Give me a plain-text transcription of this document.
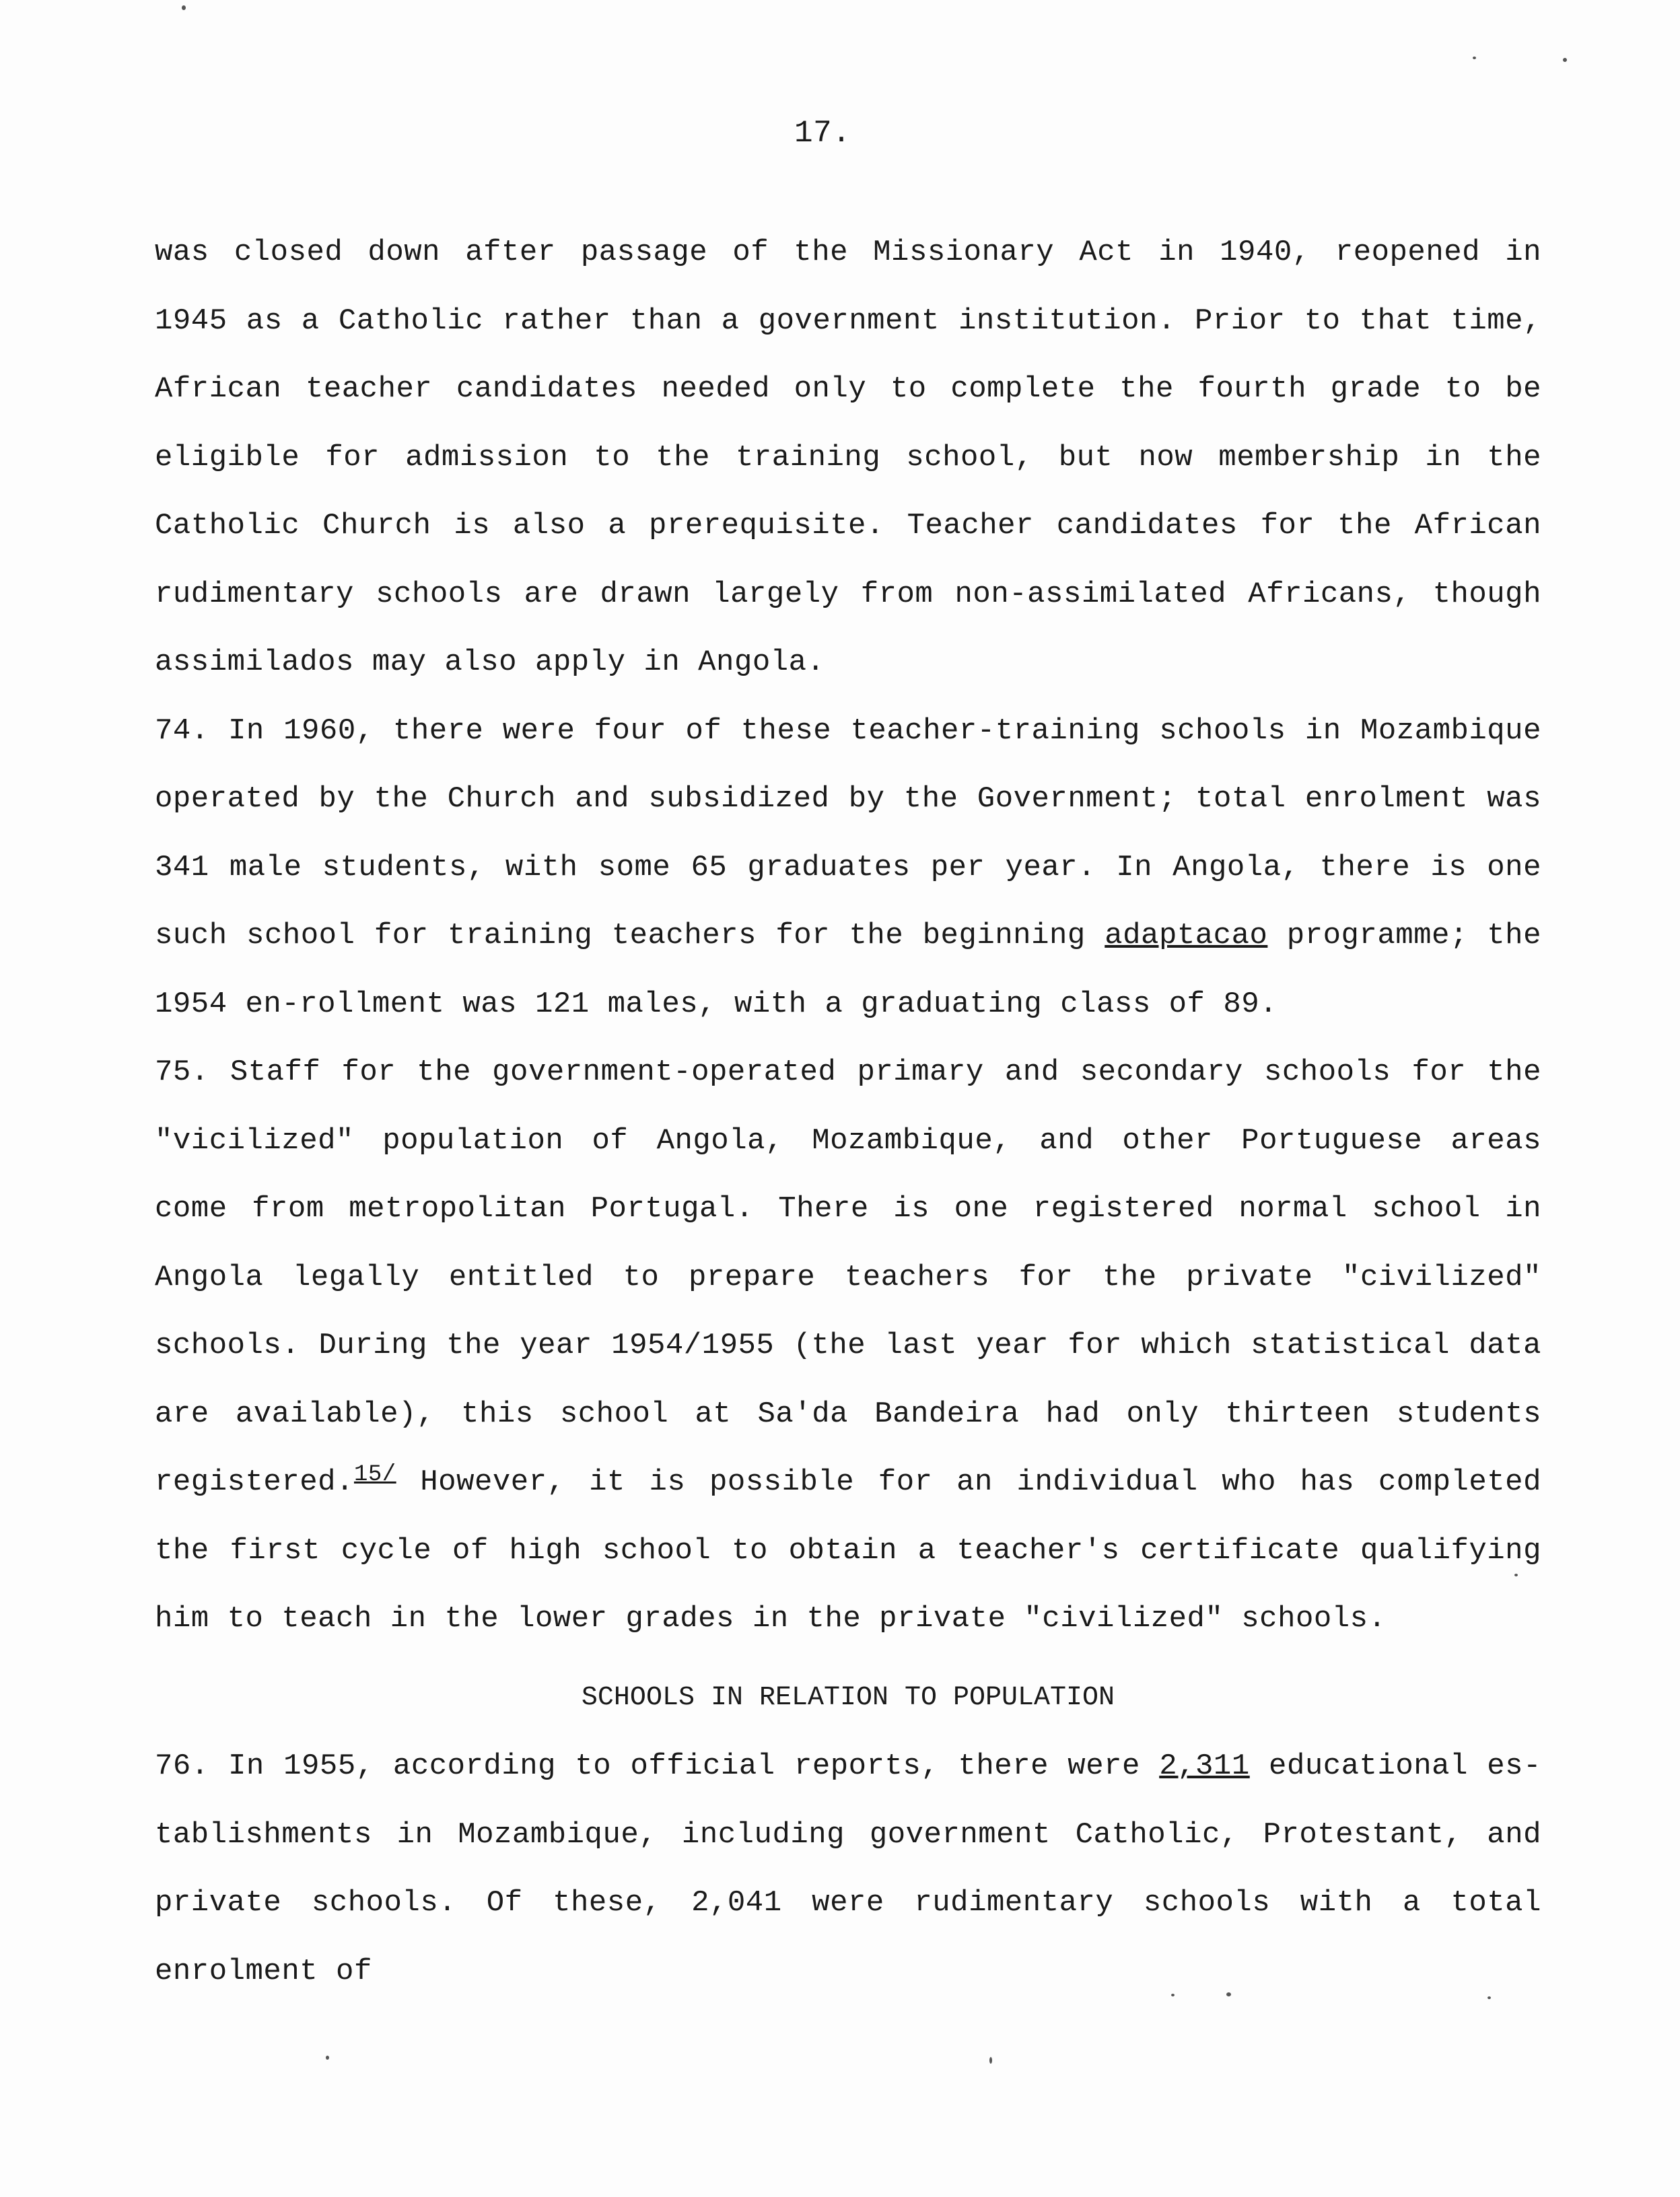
17.

was closed down after passage of the Missionary Act in 1940, reopened in 1945 as a Catholic rather than a government institution. Prior to that time, African teacher candidates needed only to complete the fourth grade to be eligible for admission to the training school, but now membership in the Catholic Church is also a prerequisite. Teacher candidates for the African rudimentary schools are drawn largely from non-assimilated Africans, though assimilados may also apply in Angola.

74. In 1960, there were four of these teacher-training schools in Mozambique operated by the Church and subsidized by the Government; total enrolment was 341 male students, with some 65 graduates per year. In Angola, there is one such school for training teachers for the beginning adaptacao programme; the 1954 en-rollment was 121 males, with a graduating class of 89.

75. Staff for the government-operated primary and secondary schools for the "vicilized" population of Angola, Mozambique, and other Portuguese areas come from metropolitan Portugal. There is one registered normal school in Angola legally entitled to prepare teachers for the private "civilized" schools. During the year 1954/1955 (the last year for which statistical data are available), this school at Sa'da Bandeira had only thirteen students registered.$^{15/}$ However, it is possible for an individual who has completed the first cycle of high school to obtain a teacher's certificate qualifying him to teach in the lower grades in the private "civilized" schools.

SCHOOLS IN RELATION TO POPULATION

76. In 1955, according to official reports, there were 2,311 educational es-tablishments in Mozambique, including government Catholic, Protestant, and private schools. Of these, 2,041 were rudimentary schools with a total enrolment of
